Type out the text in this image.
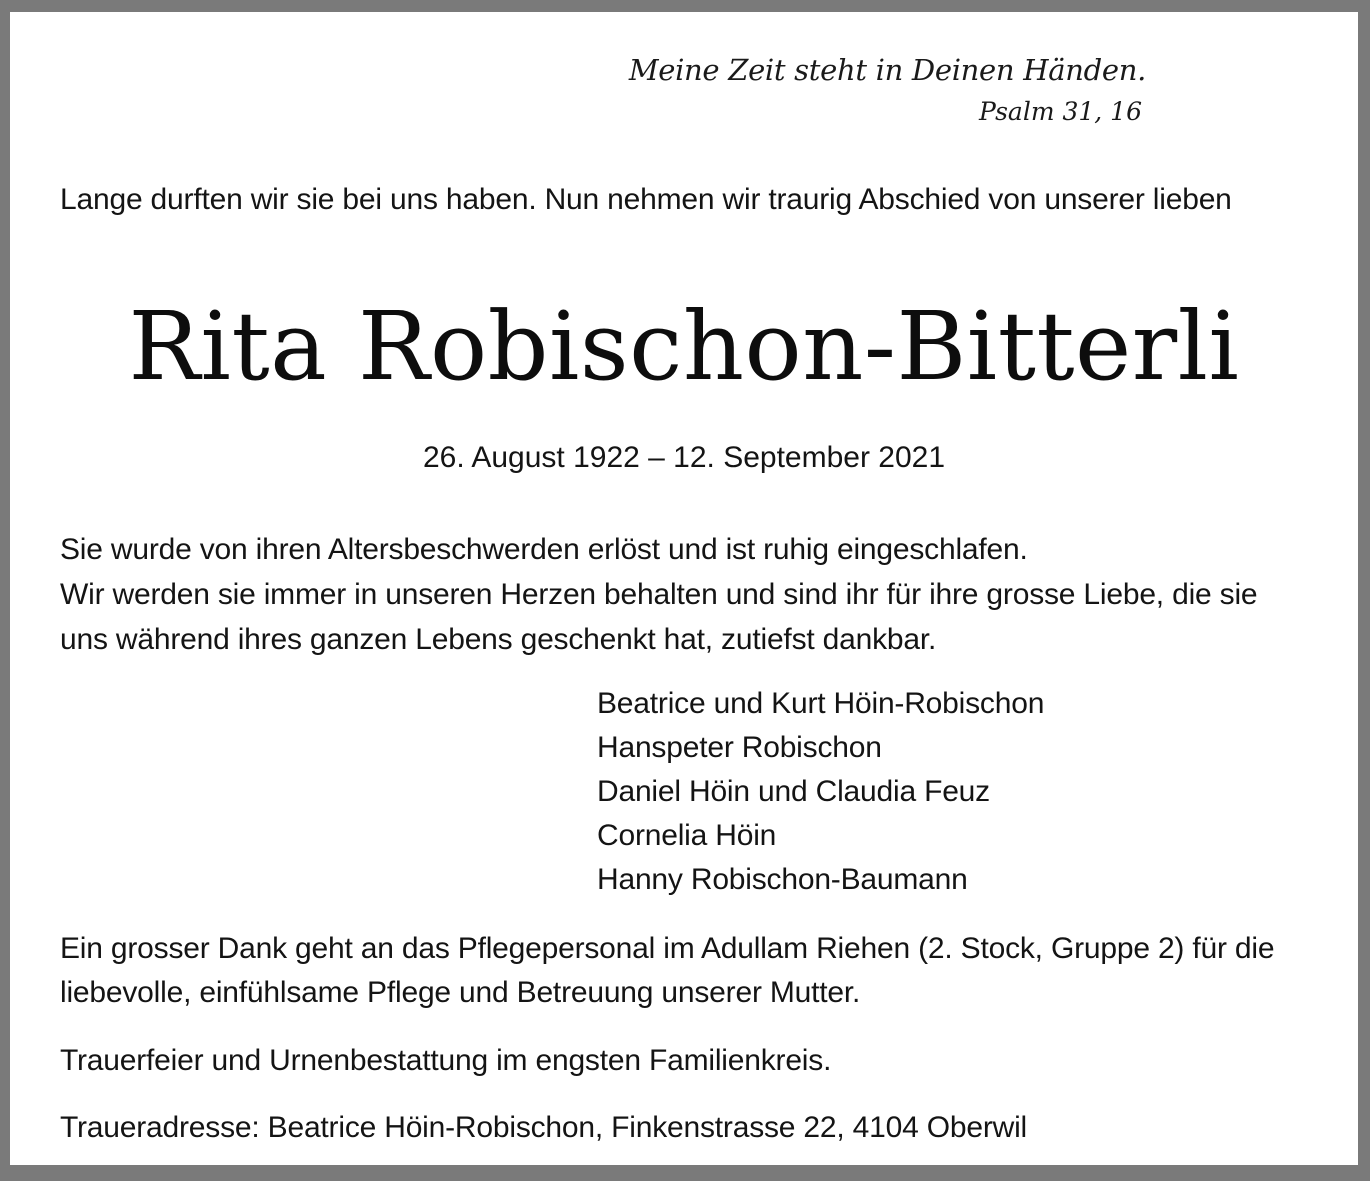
Meine Zeit steht in Deinen Händen.
Psalm 31, 16

Lange durften wir sie bei uns haben. Nun nehmen wir traurig Abschied von unserer lieben

Rita Robischon-Bitterli

26. August 1922 – 12. September 2021

Sie wurde von ihren Altersbeschwerden erlöst und ist ruhig eingeschlafen.
Wir werden sie immer in unseren Herzen behalten und sind ihr für ihre grosse Liebe, die sie uns während ihres ganzen Lebens geschenkt hat, zutiefst dankbar.

Beatrice und Kurt Höin-Robischon
Hanspeter Robischon
Daniel Höin und Claudia Feuz
Cornelia Höin
Hanny Robischon-Baumann

Ein grosser Dank geht an das Pflegepersonal im Adullam Riehen (2. Stock, Gruppe 2) für die liebevolle, einfühlsame Pflege und Betreuung unserer Mutter.

Trauerfeier und Urnenbestattung im engsten Familienkreis.

Traueradresse: Beatrice Höin-Robischon, Finkenstrasse 22, 4104 Oberwil
